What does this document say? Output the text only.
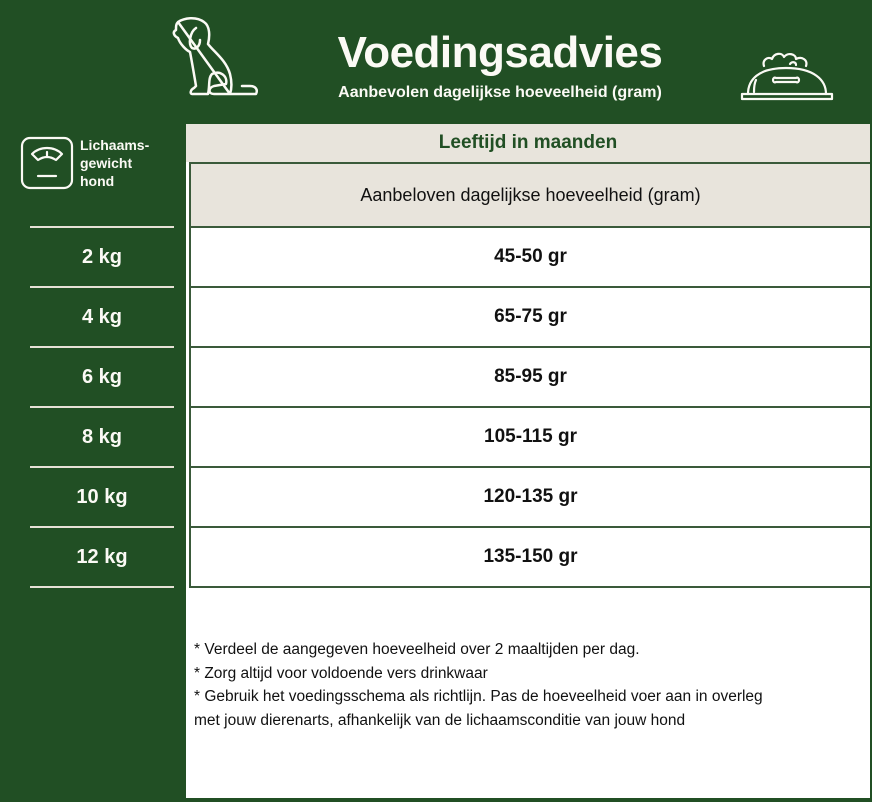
Voedingsadvies
Aanbevolen dagelijkse hoeveelheid (gram)
Lichaams-
gewicht
hond
2 kg
4 kg
6 kg
8 kg
10 kg
12 kg
Leeftijd in maanden
Aanbeloven dagelijkse hoeveelheid (gram)
45-50 gr
65-75 gr
85-95 gr
105-115 gr
120-135 gr
135-150 gr
* Verdeel de aangegeven hoeveelheid over 2 maaltijden per dag.
* Zorg altijd voor voldoende vers drinkwaar
* Gebruik het voedingsschema als richtlijn. Pas de hoeveelheid voer aan in overleg
met jouw dierenarts, afhankelijk van de lichaamsconditie van jouw hond
